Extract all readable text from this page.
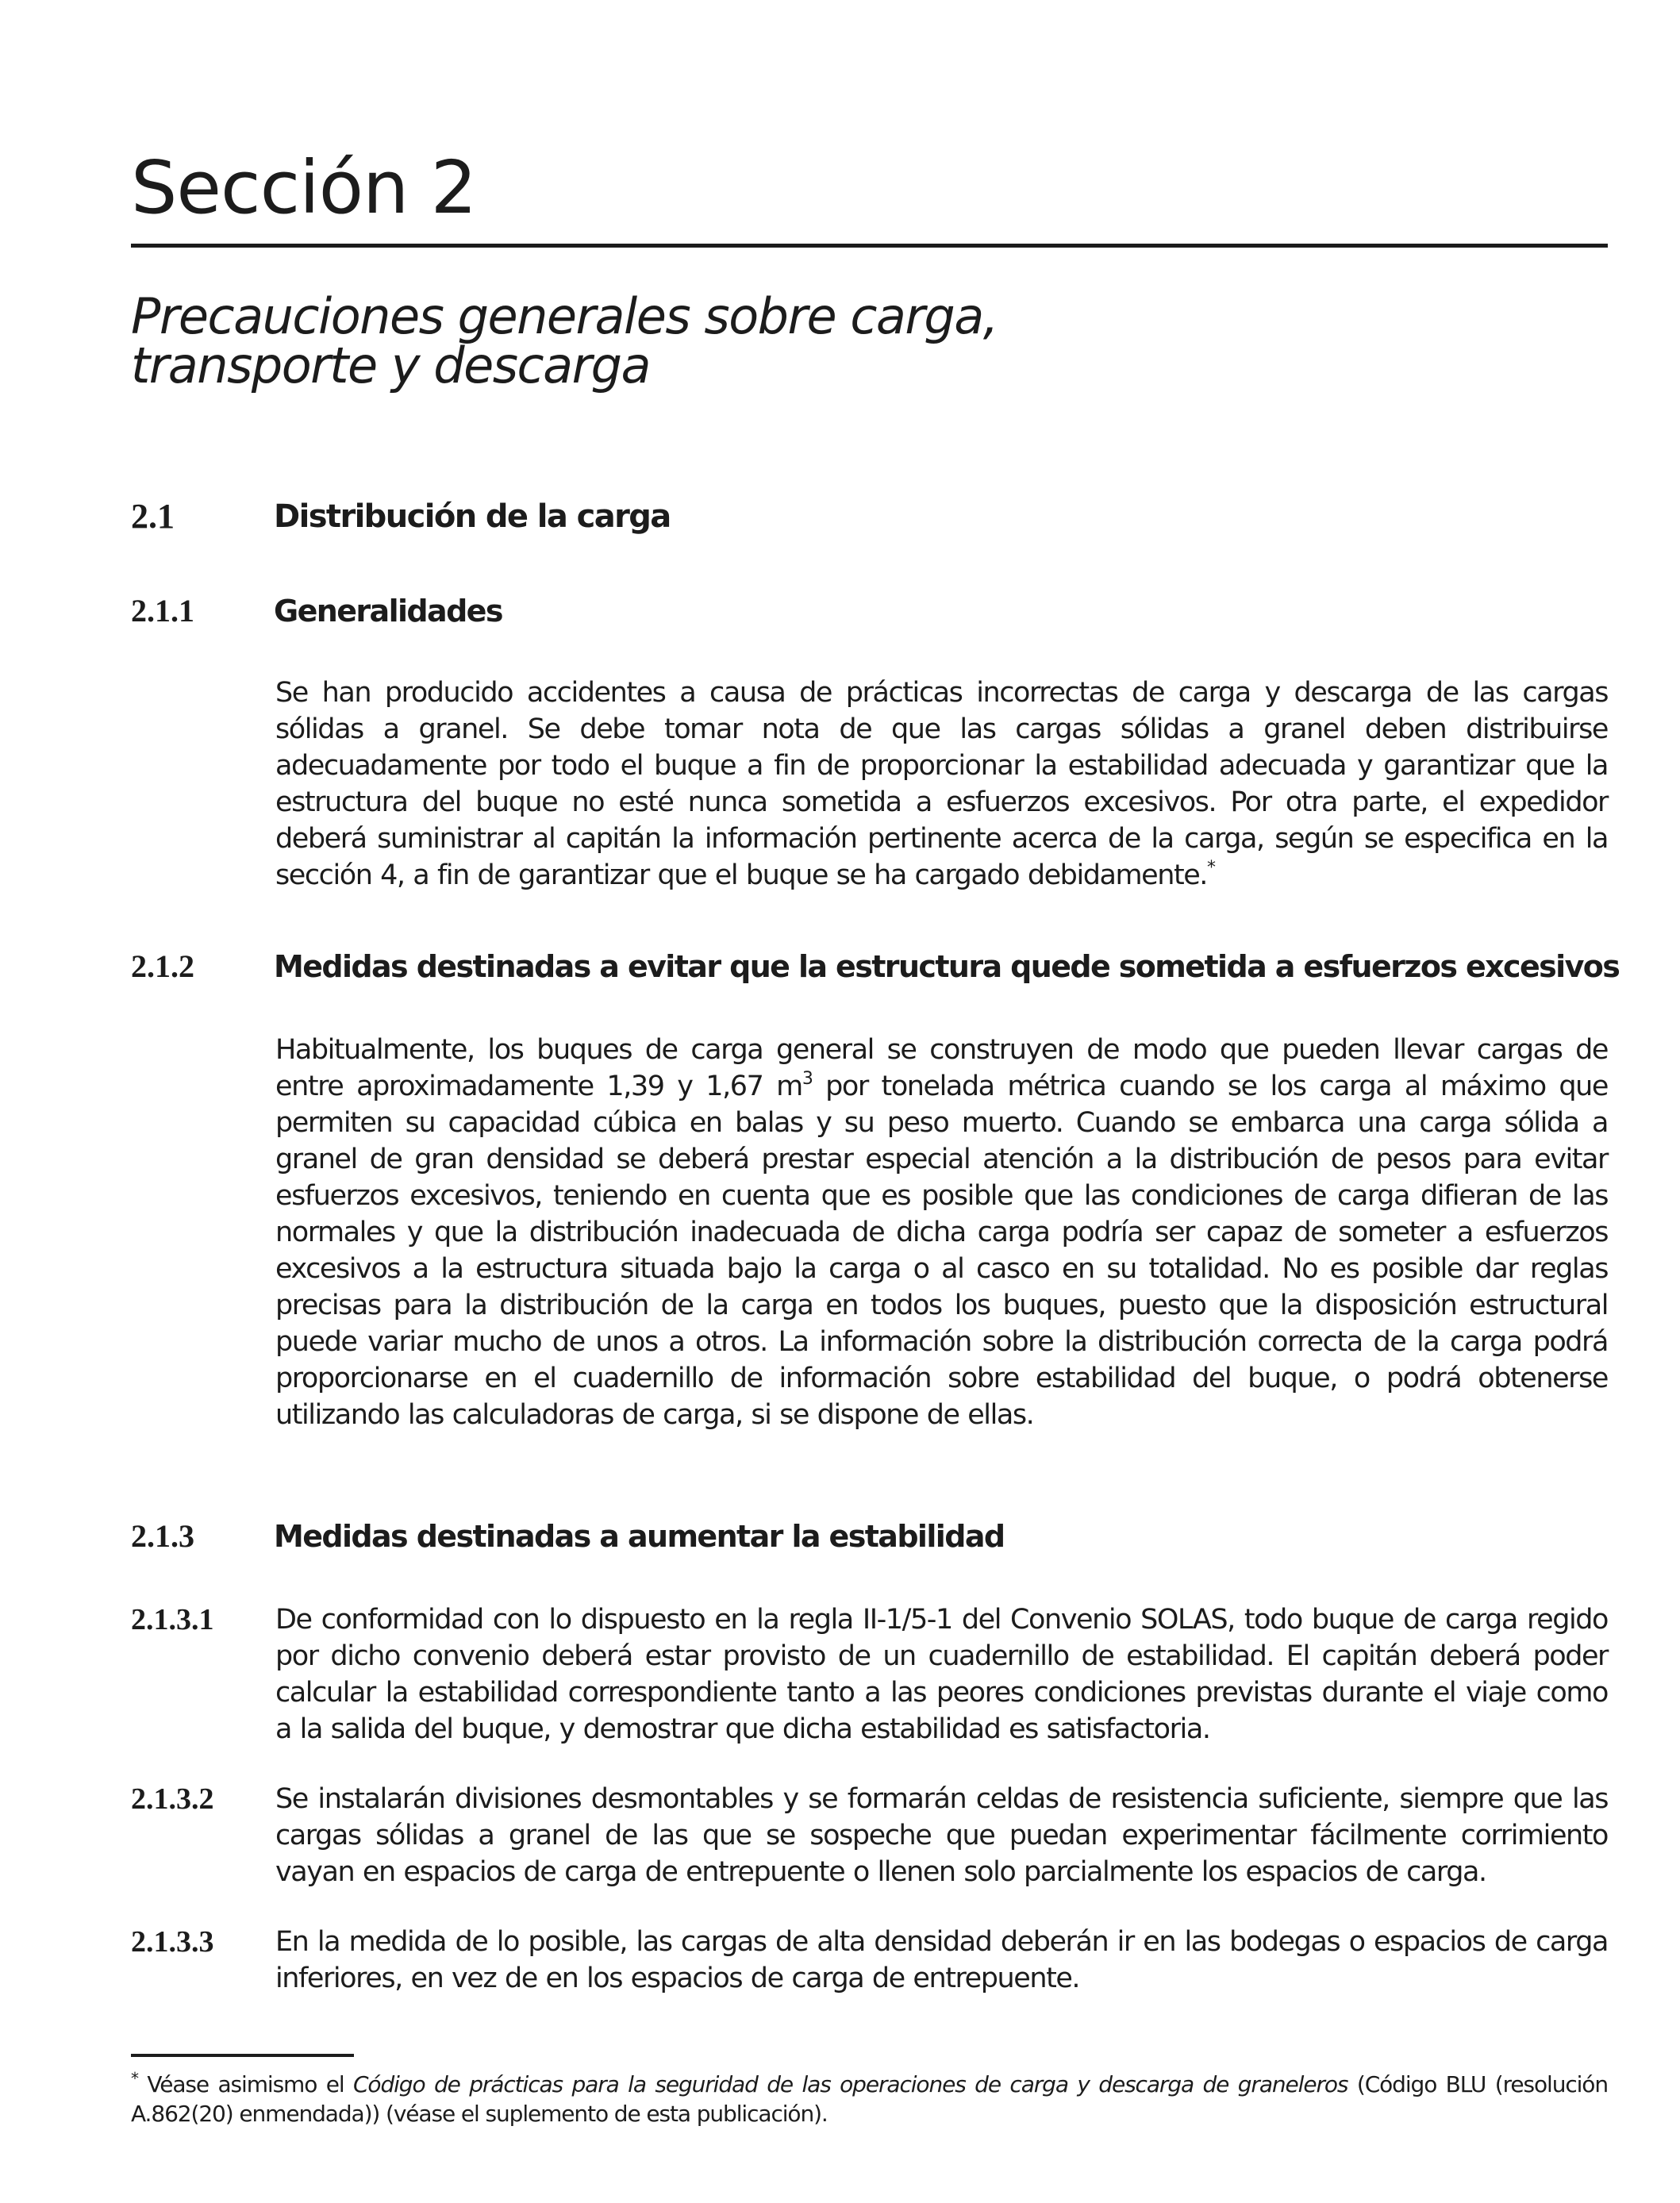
Sección 2
Precauciones generales sobre carga,
transporte y descarga
2.1	Distribución de la carga
2.1.1	Generalidades

Se han producido accidentes a causa de prácticas incorrectas de carga y descarga de las cargas sólidas a granel. Se debe tomar nota de que las cargas sólidas a granel deben distribuirse adecuadamente por todo el buque a fin de proporcionar la estabilidad adecuada y garantizar que la estructura del buque no esté nunca sometida a esfuerzos excesivos. Por otra parte, el expedidor deberá suministrar al capitán la información pertinente acerca de la carga, según se especifica en la sección 4, a fin de garantizar que el buque se ha cargado debidamente.*

2.1.2	Medidas destinadas a evitar que la estructura quede sometida a esfuerzos excesivos

Habitualmente, los buques de carga general se construyen de modo que pueden llevar cargas de entre aproximadamente 1,39 y 1,67 $m^3$ por tonelada métrica cuando se los carga al máximo que permiten su capacidad cúbica en balas y su peso muerto. Cuando se embarca una carga sólida a granel de gran densidad se deberá prestar especial atención a la distribución de pesos para evitar esfuerzos excesivos, teniendo en cuenta que es posible que las condiciones de carga difieran de las normales y que la distribución inadecuada de dicha carga podría ser capaz de someter a esfuerzos excesivos a la estructura situada bajo la carga o al casco en su totalidad. No es posible dar reglas precisas para la distribución de la carga en todos los buques, puesto que la disposición estructural puede variar mucho de unos a otros. La información sobre la distribución correcta de la carga podrá proporcionarse en el cuadernillo de información sobre estabilidad del buque, o podrá obtenerse utilizando las calculadoras de carga, si se dispone de ellas.

2.1.3	Medidas destinadas a aumentar la estabilidad
2.1.3.1 De conformidad con lo dispuesto en la regla II-1/5-1 del Convenio SOLAS, todo buque de carga regido por dicho convenio deberá estar provisto de un cuadernillo de estabilidad. El capitán deberá poder calcular la estabilidad correspondiente tanto a las peores condiciones previstas durante el viaje como a la salida del buque, y demostrar que dicha estabilidad es satisfactoria.

2.1.3.2 Se instalarán divisiones desmontables y se formarán celdas de resistencia suficiente, siempre que las cargas sólidas a granel de las que se sospeche que puedan experimentar fácilmente corrimiento vayan en espacios de carga de entrepuente o llenen solo parcialmente los espacios de carga.

2.1.3.3 En la medida de lo posible, las cargas de alta densidad deberán ir en las bodegas o espacios de carga inferiores, en vez de en los espacios de carga de entrepuente.

* Véase asimismo el Código de prácticas para la seguridad de las operaciones de carga y descarga de graneleros (Código BLU (resolución A.862(20) enmendada)) (véase el suplemento de esta publicación).
